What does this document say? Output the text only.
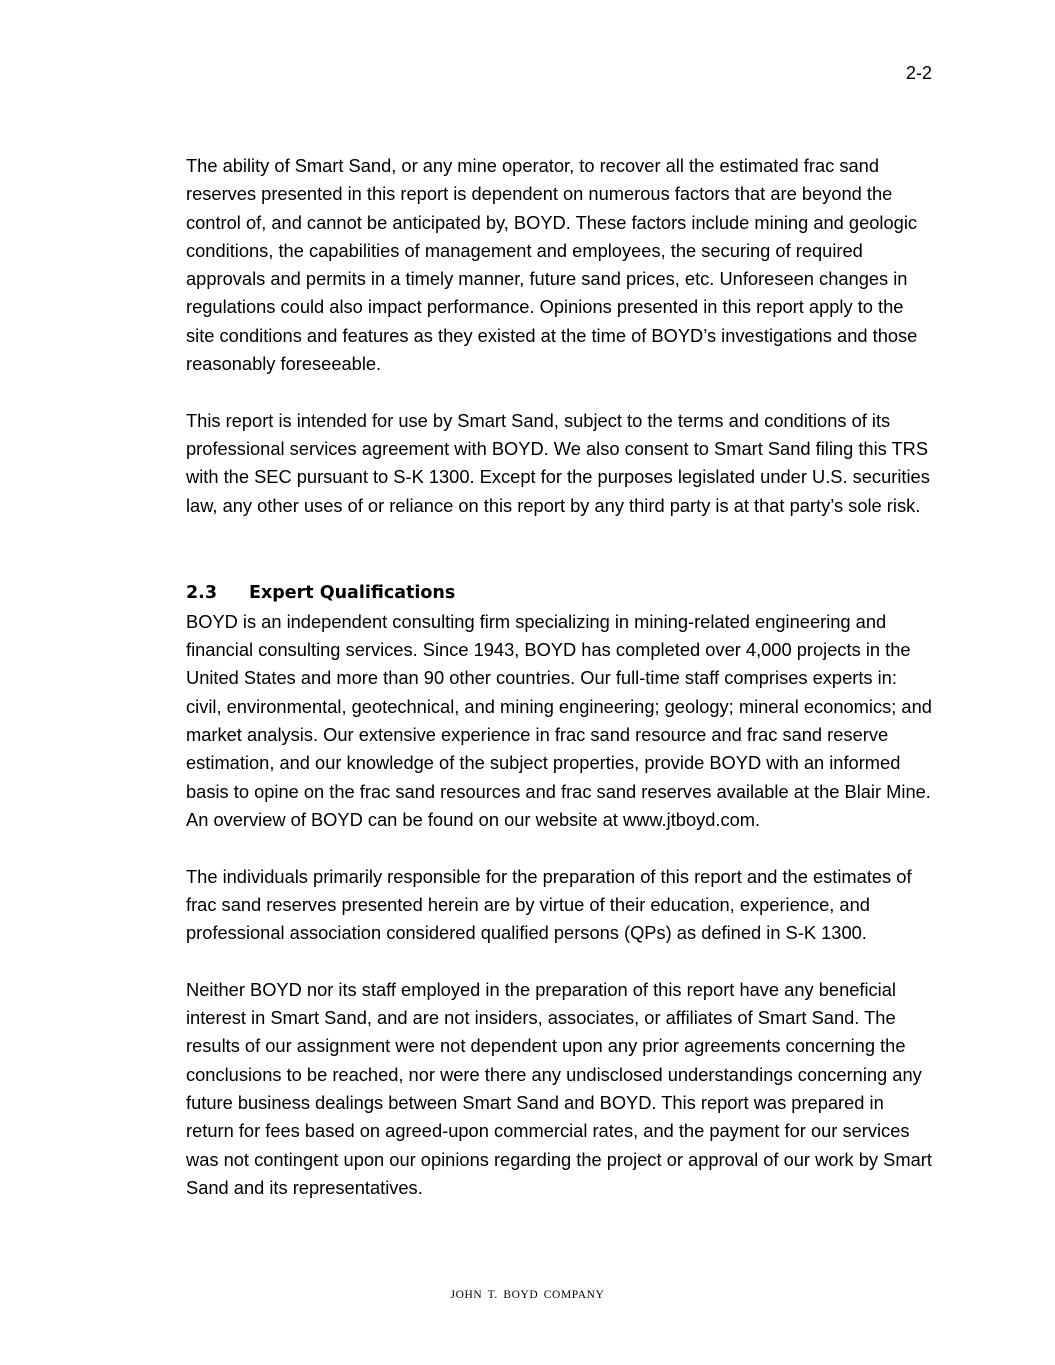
2-2

The ability of Smart Sand, or any mine operator, to recover all the estimated frac sand reserves presented in this report is dependent on numerous factors that are beyond the control of, and cannot be anticipated by, BOYD. These factors include mining and geologic conditions, the capabilities of management and employees, the securing of required approvals and permits in a timely manner, future sand prices, etc. Unforeseen changes in regulations could also impact performance. Opinions presented in this report apply to the site conditions and features as they existed at the time of BOYD’s investigations and those reasonably foreseeable.

This report is intended for use by Smart Sand, subject to the terms and conditions of its professional services agreement with BOYD. We also consent to Smart Sand filing this TRS with the SEC pursuant to S-K 1300. Except for the purposes legislated under U.S. securities law, any other uses of or reliance on this report by any third party is at that party’s sole risk.

2.3	Expert Qualifications

BOYD is an independent consulting firm specializing in mining-related engineering and financial consulting services. Since 1943, BOYD has completed over 4,000 projects in the United States and more than 90 other countries. Our full-time staff comprises experts in: civil, environmental, geotechnical, and mining engineering; geology; mineral economics; and market analysis. Our extensive experience in frac sand resource and frac sand reserve estimation, and our knowledge of the subject properties, provide BOYD with an informed basis to opine on the frac sand resources and frac sand reserves available at the Blair Mine. An overview of BOYD can be found on our website at www.jtboyd.com.

The individuals primarily responsible for the preparation of this report and the estimates of frac sand reserves presented herein are by virtue of their education, experience, and professional association considered qualified persons (QPs) as defined in S-K 1300.

Neither BOYD nor its staff employed in the preparation of this report have any beneficial interest in Smart Sand, and are not insiders, associates, or affiliates of Smart Sand. The results of our assignment were not dependent upon any prior agreements concerning the conclusions to be reached, nor were there any undisclosed understandings concerning any future business dealings between Smart Sand and BOYD. This report was prepared in return for fees based on agreed-upon commercial rates, and the payment for our services was not contingent upon our opinions regarding the project or approval of our work by Smart Sand and its representatives.

JOHN T. BOYD COMPANY
